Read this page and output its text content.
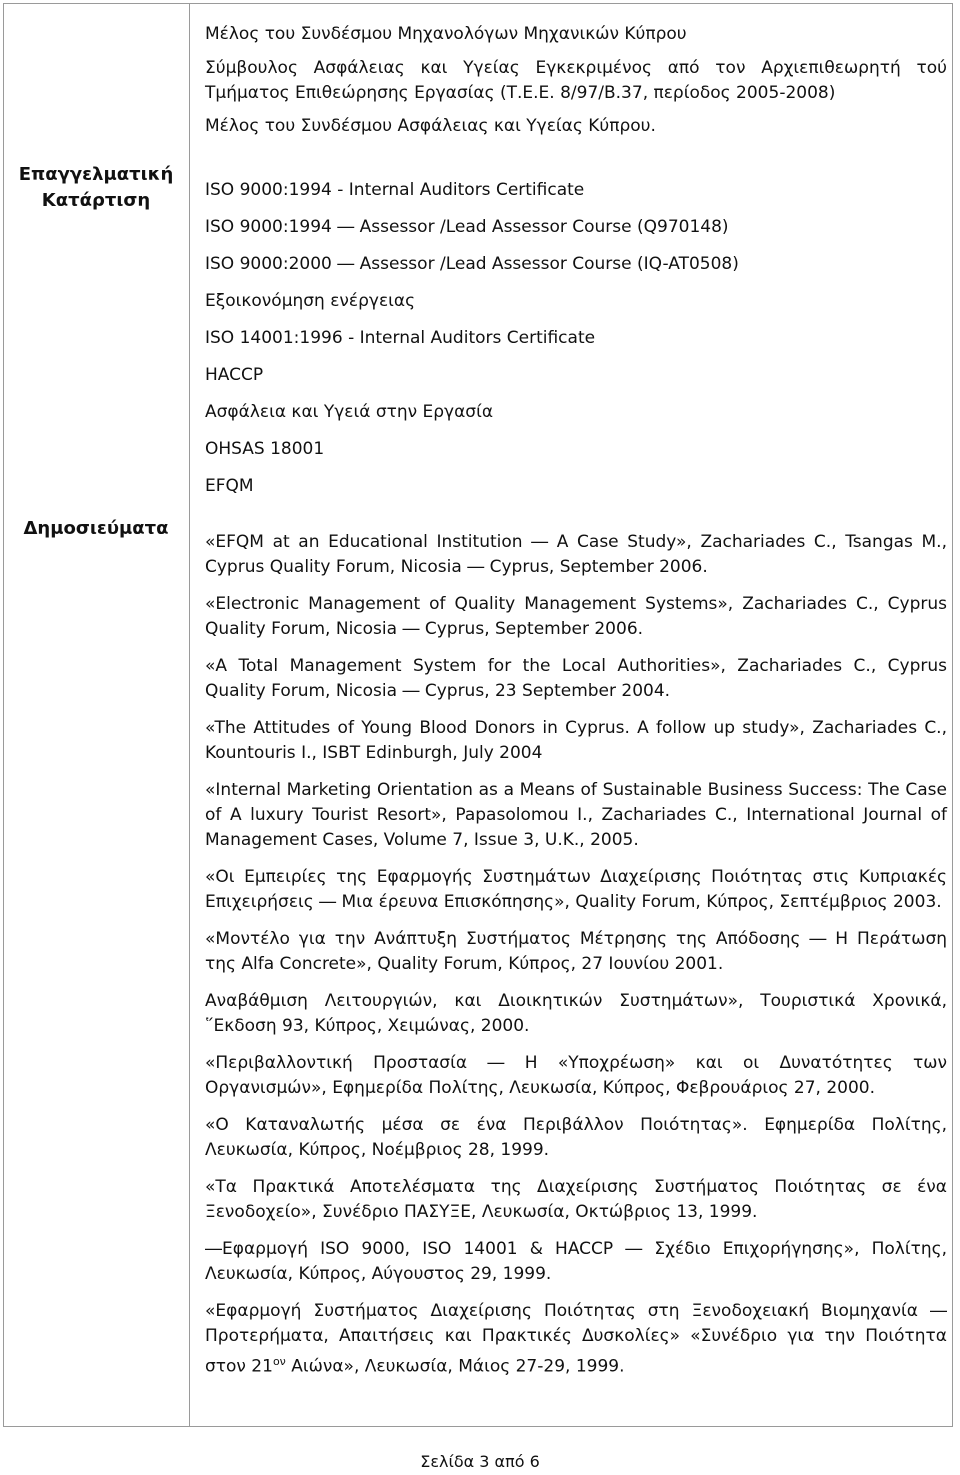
Επαγγελματική Κατάρτιση
Δημοσιεύματα

Μέλος του Συνδέσμου Μηχανολόγων Μηχανικών Κύπρου

Σύμβουλος Ασφάλειας και Υγείας Εγκεκριμένος από τον Αρχιεπιθεωρητή τού Τμήματος Επιθεώρησης Εργασίας (Τ.Ε.Ε. 8/97/Β.37, περίοδος 2005-2008)

Μέλος του Συνδέσμου Ασφάλειας και Υγείας Κύπρου.

ISO 9000:1994 - Internal Auditors Certificate

ISO 9000:1994 ― Assessor /Lead Assessor Course (Q970148)

ISO 9000:2000 ― Assessor /Lead Assessor Course (IQ-AT0508)

Εξοικονόμηση ενέργειας

ISO 14001:1996 - Internal Auditors Certificate

HACCP

Ασφάλεια και Υγειά στην Εργασία

OHSAS 18001

EFQM

«EFQM at an Educational Institution ― A Case Study», Zachariades C., Tsangas M., Cyprus Quality Forum, Nicosia ― Cyprus, September 2006.

«Electronic Management of Quality Management Systems», Zachariades C., Cyprus Quality Forum, Nicosia ― Cyprus, September 2006.

«A Total Management System for the Local Authorities», Zachariades C., Cyprus Quality Forum, Nicosia ― Cyprus, 23 September 2004.

«The Attitudes of Young Blood Donors in Cyprus. A follow up study», Zachariades C., Kountouris I., ISBT Edinburgh, July 2004

«Internal Marketing Orientation as a Means of Sustainable Business Success: The Case of A luxury Tourist Resort», Papasolomou I., Zachariades C., International Journal of Management Cases, Volume 7, Issue 3, U.K., 2005.

«Οι Εμπειρίες της Εφαρμογής Συστημάτων Διαχείρισης Ποιότητας στις Κυπριακές Επιχειρήσεις ― Μια έρευνα Επισκόπησης», Quality Forum, Κύπρος, Σεπτέμβριος 2003.

«Μοντέλο για την Ανάπτυξη Συστήματος Μέτρησης της Απόδοσης ― Η Περάτωση της Alfa Concrete», Quality Forum, Κύπρος, 27 Ιουνίου 2001.

Αναβάθμιση Λειτουργιών, και Διοικητικών Συστημάτων», Τουριστικά Χρονικά, ῞Εκδοση 93, Κύπρος, Χειμώνας, 2000.

«Περιβαλλοντική Προστασία ― Η «Υποχρέωση» και οι Δυνατότητες των Οργανισμών», Εφημερίδα Πολίτης, Λευκωσία, Κύπρος, Φεβρουάριος 27, 2000.

«Ο Καταναλωτής μέσα σε ένα Περιβάλλον Ποιότητας». Εφημερίδα Πολίτης, Λευκωσία, Κύπρος, Νοέμβριος 28, 1999.

«Τα Πρακτικά Αποτελέσματα της Διαχείρισης Συστήματος Ποιότητας σε ένα Ξενοδοχείο», Συνέδριο ΠΑΣΥΞΕ, Λευκωσία, Οκτώβριος 13, 1999.

―Εφαρμογή ISO 9000, ISO 14001 & HACCP ― Σχέδιο Επιχορήγησης», Πολίτης, Λευκωσία, Κύπρος, Αύγουστος 29, 1999.

«Εφαρμογή Συστήματος Διαχείρισης Ποιότητας στη Ξενοδοχειακή Βιομηχανία ― Προτερήματα, Απαιτήσεις και Πρακτικές Δυσκολίες» «Συνέδριο για την Ποιότητα στον $21^{o\nu}$ Αιώνα», Λευκωσία, Μάιος 27-29, 1999.

Σελίδα 3 από 6
